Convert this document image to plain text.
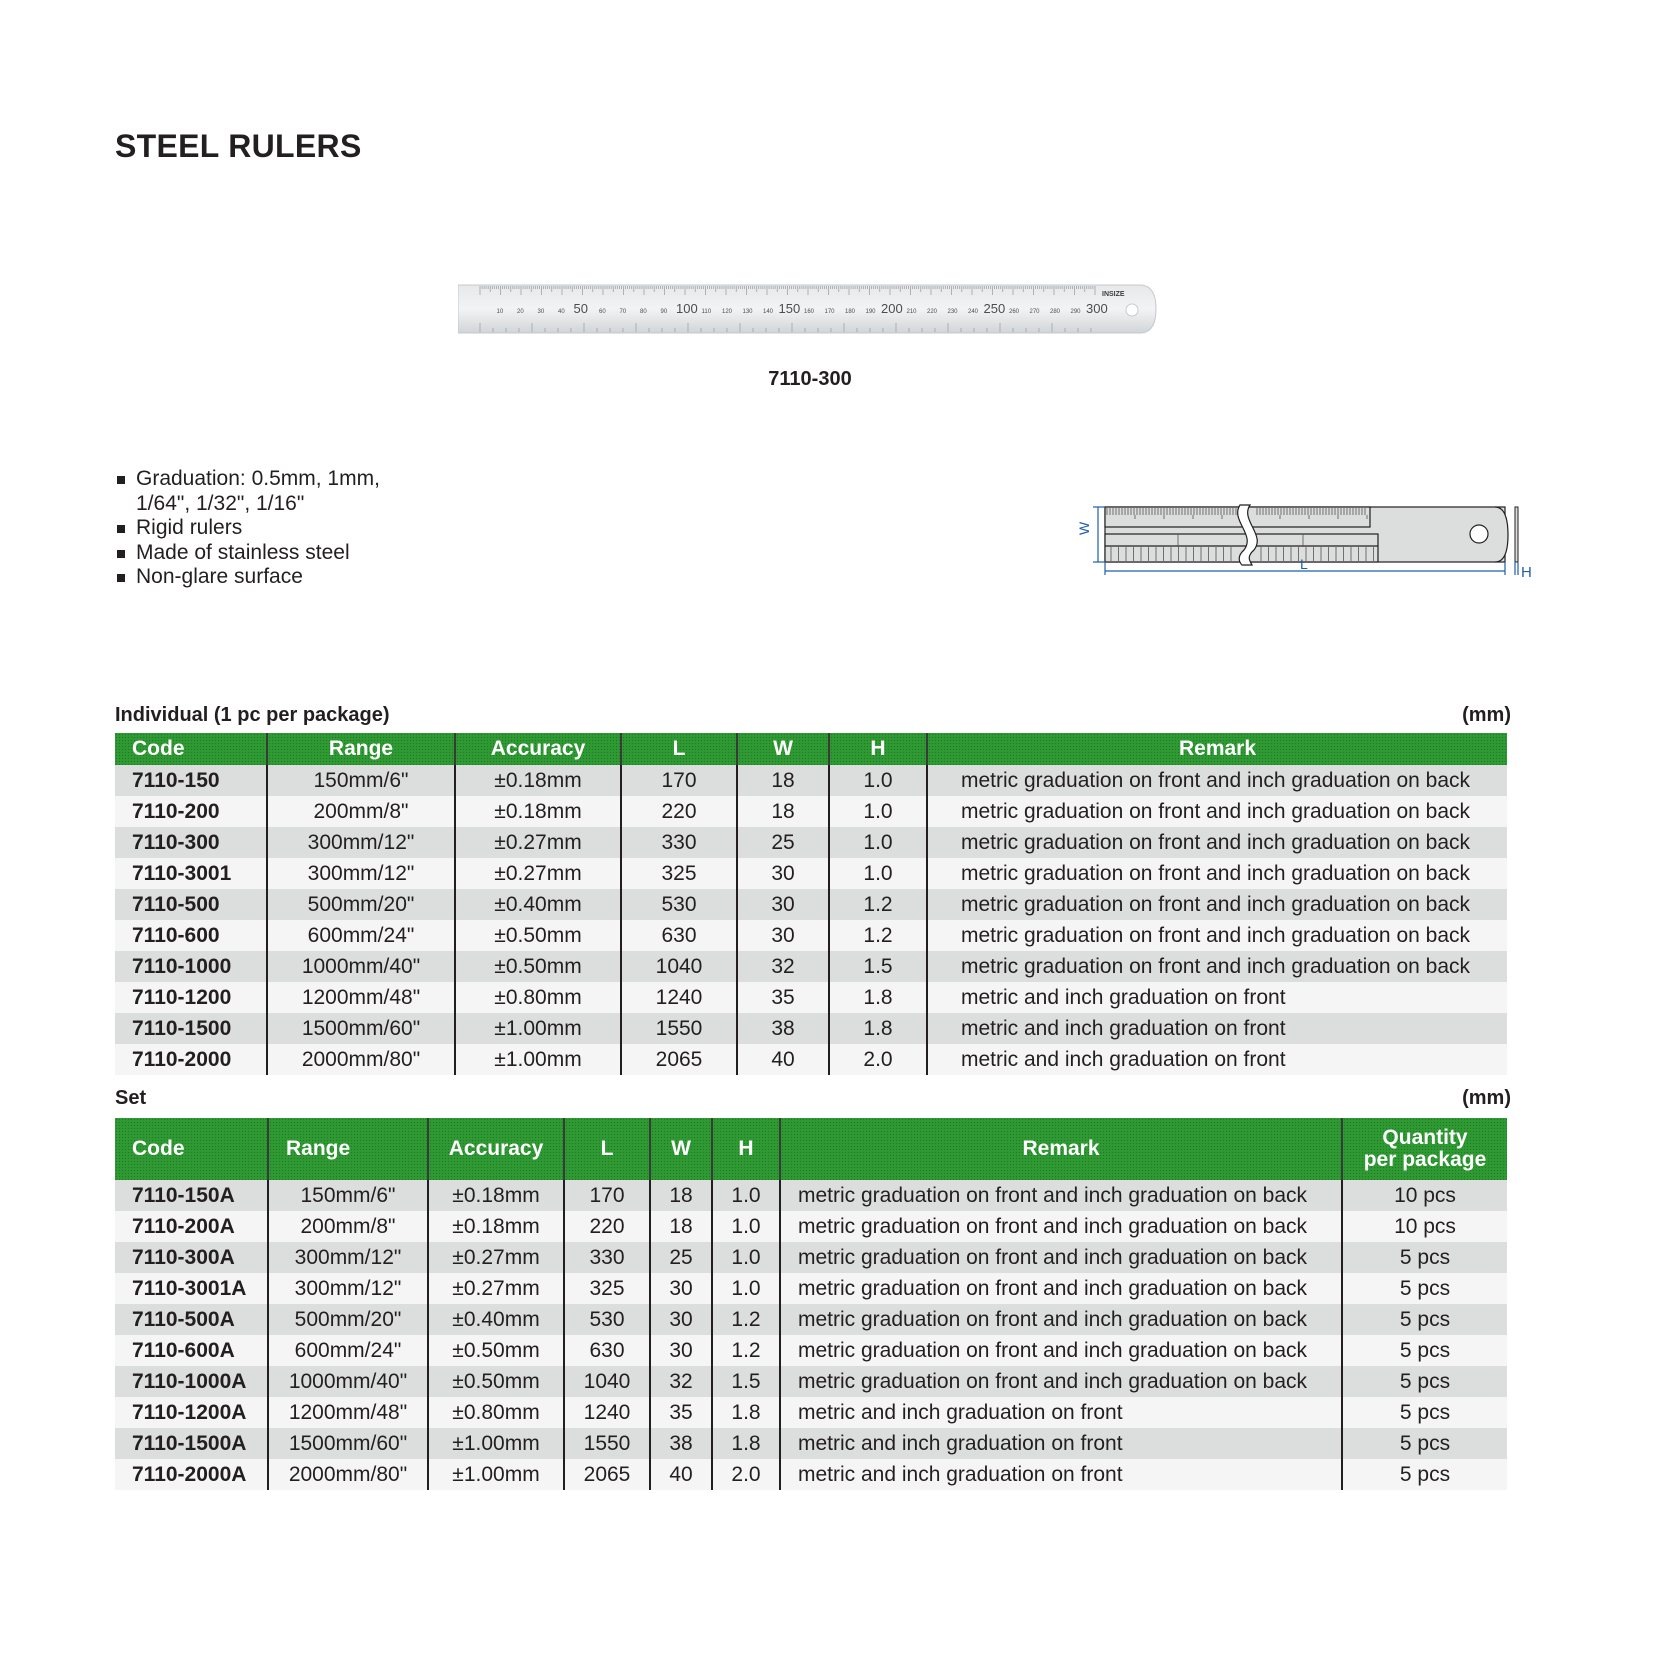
STEEL RULERS
10 20 30 40 50 60 70 80 90 100 110 120 130 140 150 160 170 180 190 200 210 220 230 240 250 260 270 280 290 300
INSIZE
7110-300
Graduation: 0.5mm, 1mm, 1/64", 1/32", 1/16"
Rigid rulers
Made of stainless steel
Non-glare surface
W
L	H
Individual (1 pc per package)	(mm)
Code	Range	Accuracy	L	W	H	Remark
7110-150	150mm/6"	±0.18mm	170	18	1.0	metric graduation on front and inch graduation on back
7110-200	200mm/8"	±0.18mm	220	18	1.0	metric graduation on front and inch graduation on back
7110-300	300mm/12"	±0.27mm	330	25	1.0	metric graduation on front and inch graduation on back
7110-3001	300mm/12"	±0.27mm	325	30	1.0	metric graduation on front and inch graduation on back
7110-500	500mm/20"	±0.40mm	530	30	1.2	metric graduation on front and inch graduation on back
7110-600	600mm/24"	±0.50mm	630	30	1.2	metric graduation on front and inch graduation on back
7110-1000	1000mm/40"	±0.50mm	1040	32	1.5	metric graduation on front and inch graduation on back
7110-1200	1200mm/48"	±0.80mm	1240	35	1.8	metric and inch graduation on front
7110-1500	1500mm/60"	±1.00mm	1550	38	1.8	metric and inch graduation on front
7110-2000	2000mm/80"	±1.00mm	2065	40	2.0	metric and inch graduation on front
Set	(mm)
Code	Range	Accuracy	L	W	H	Remark	Quantity
per package

7110-150A	150mm/6"	±0.18mm	170	18	1.0	metric graduation on front and inch graduation on back	10 pcs
7110-200A	200mm/8"	±0.18mm	220	18	1.0	metric graduation on front and inch graduation on back	10 pcs
7110-300A	300mm/12"	±0.27mm	330	25	1.0	metric graduation on front and inch graduation on back	5 pcs
7110-3001A	300mm/12"	±0.27mm	325	30	1.0	metric graduation on front and inch graduation on back	5 pcs
7110-500A	500mm/20"	±0.40mm	530	30	1.2	metric graduation on front and inch graduation on back	5 pcs
7110-600A	600mm/24"	±0.50mm	630	30	1.2	metric graduation on front and inch graduation on back	5 pcs
7110-1000A	1000mm/40"	±0.50mm	1040	32	1.5	metric graduation on front and inch graduation on back	5 pcs
7110-1200A	1200mm/48"	±0.80mm	1240	35	1.8	metric and inch graduation on front	5 pcs
7110-1500A	1500mm/60"	±1.00mm	1550	38	1.8	metric and inch graduation on front	5 pcs
7110-2000A	2000mm/80"	±1.00mm	2065	40	2.0	metric and inch graduation on front	5 pcs
